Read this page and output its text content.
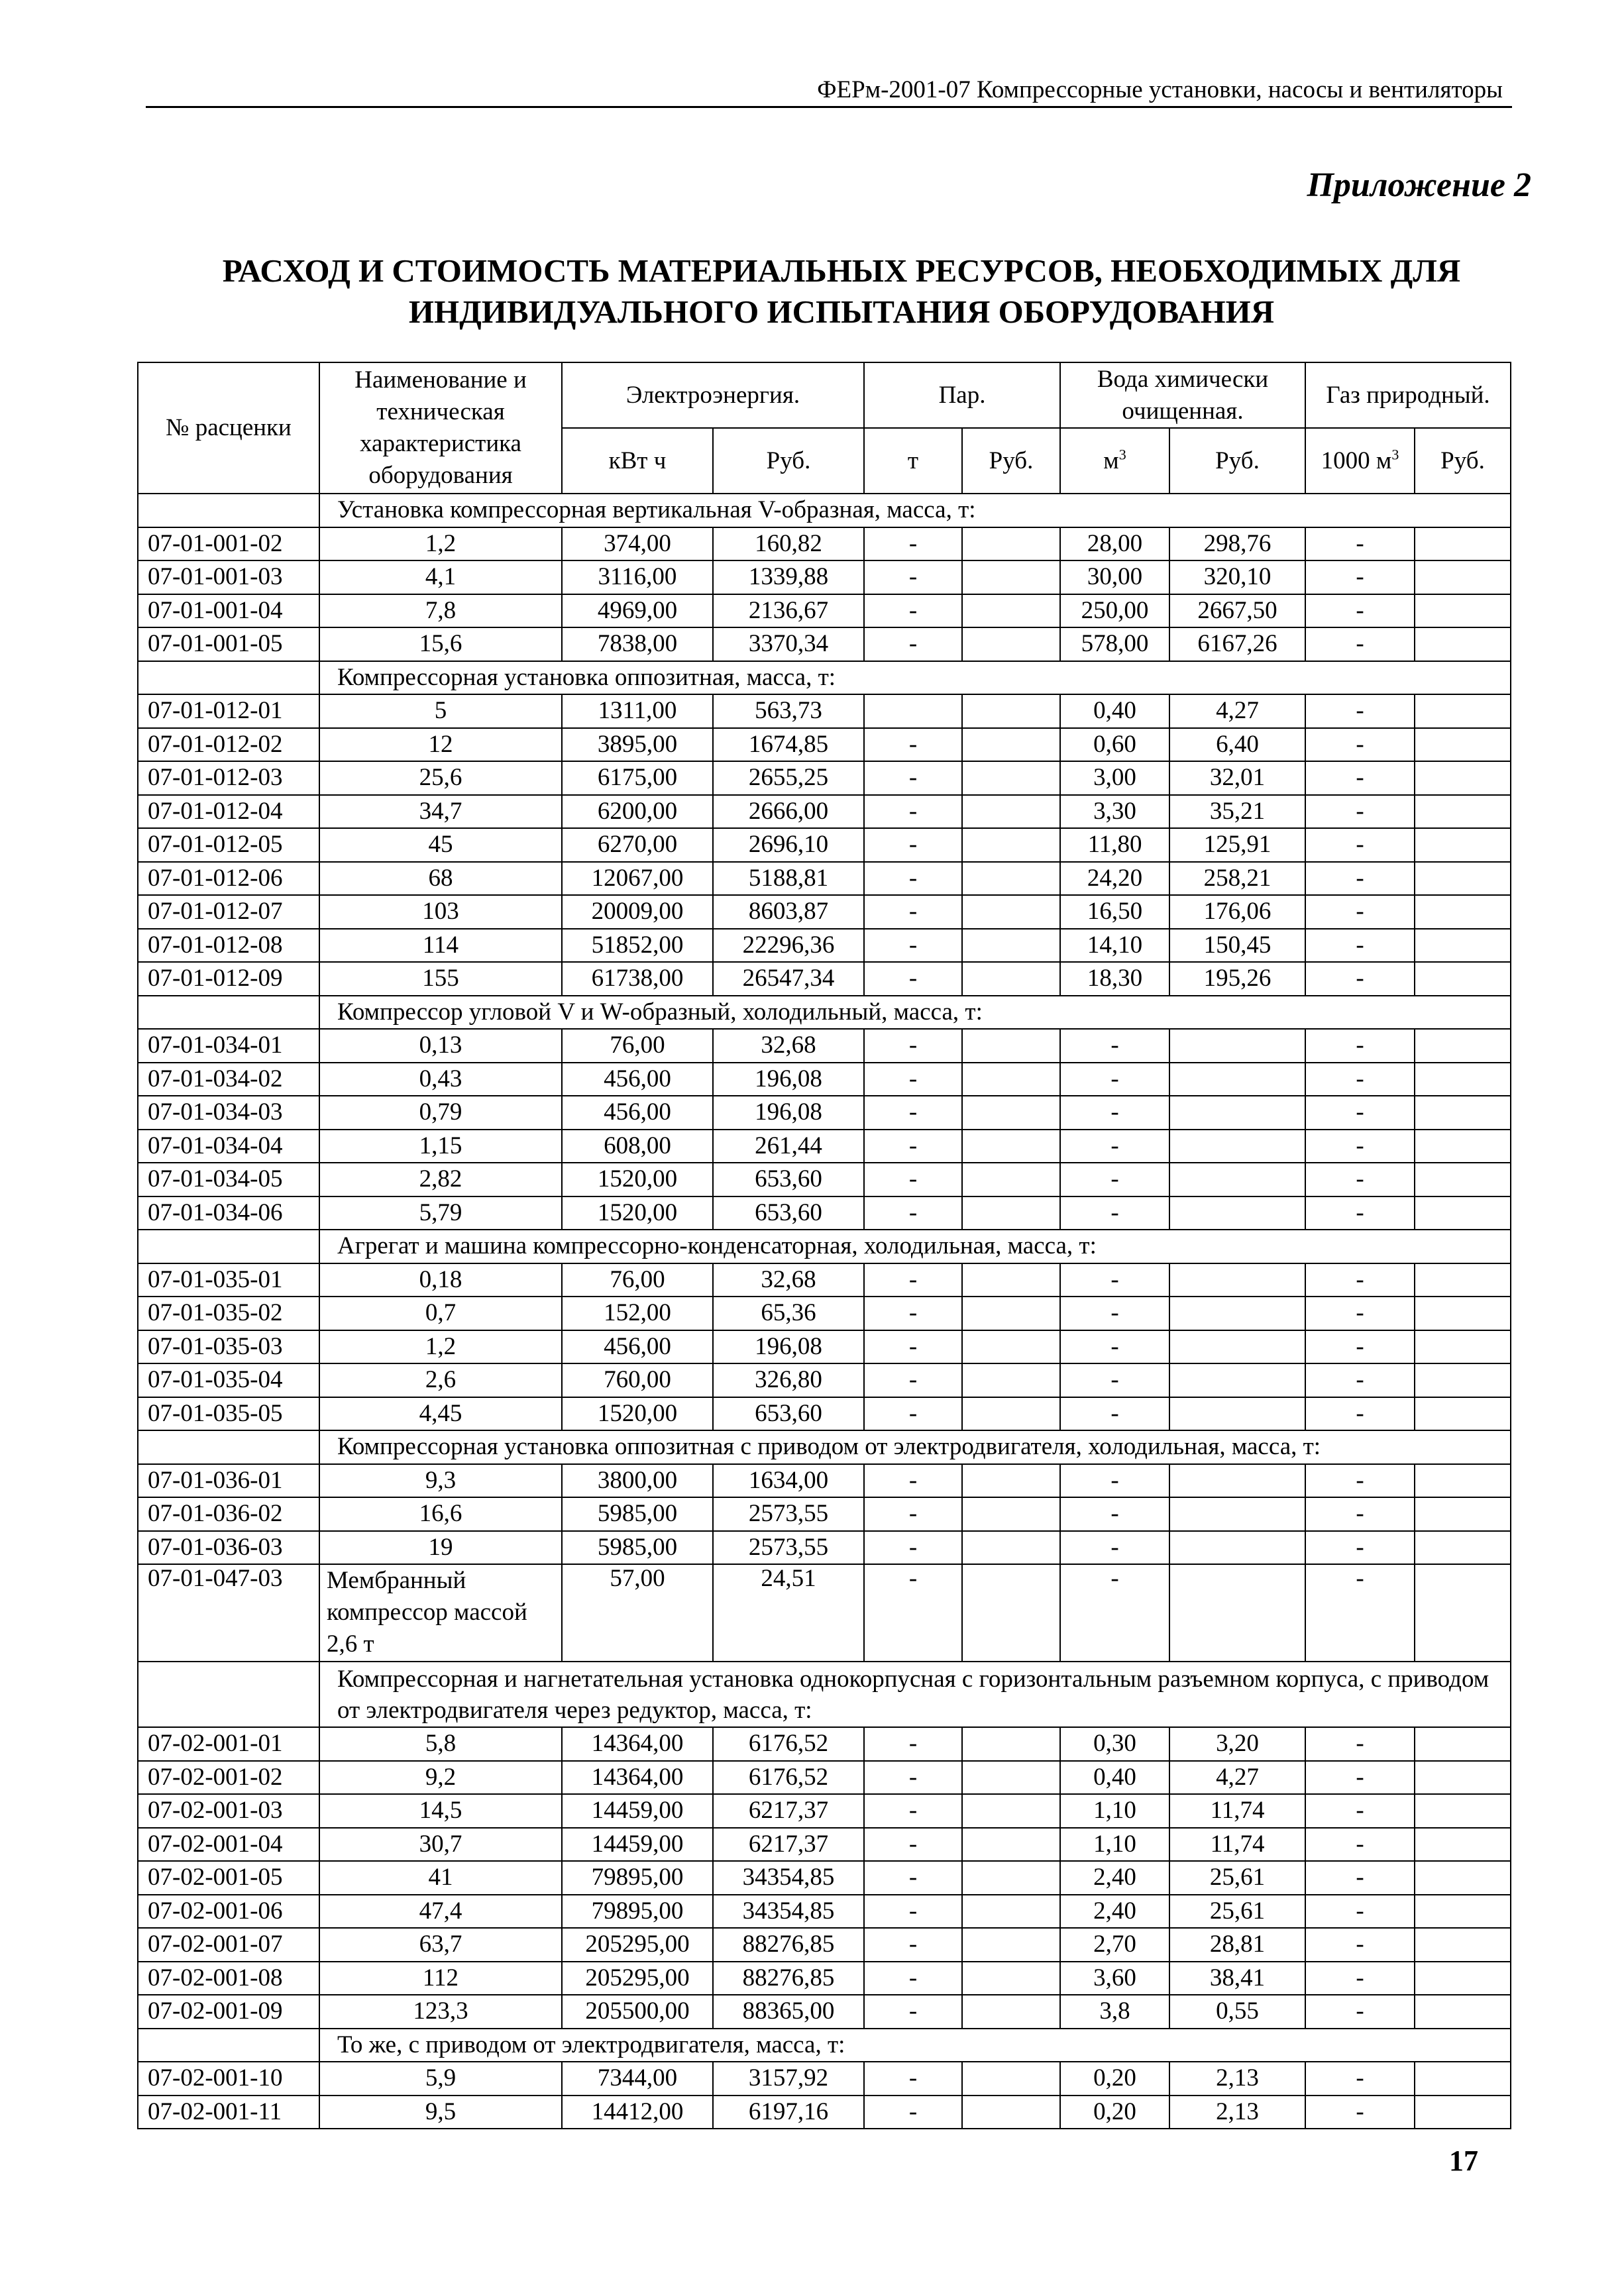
ФЕРм-2001-07 Компрессорные установки, насосы и вентиляторы
Приложение 2
РАСХОД И СТОИМОСТЬ МАТЕРИАЛЬНЫХ РЕСУРСОВ, НЕОБХОДИМЫХ ДЛЯ
ИНДИВИДУАЛЬНОГО ИСПЫТАНИЯ ОБОРУДОВАНИЯ
№ расценки	Наименование и техническая характеристика оборудования	Электроэнергия.		Пар.		Вода химически очищенная.		Газ природный.	
		кВт ч	Руб.	т	Руб.	$м^3$	Руб.	1000 $м^3$	Руб.
	Установка компрессорная вертикальная V-образная, масса, т:								
07-01-001-02	1,2	374,00	160,82	-		28,00	298,76	-	
07-01-001-03	4,1	3116,00	1339,88	-		30,00	320,10	-	
07-01-001-04	7,8	4969,00	2136,67	-		250,00	2667,50	-	
07-01-001-05	15,6	7838,00	3370,34	-		578,00	6167,26	-	
	Компрессорная установка оппозитная, масса, т:								
07-01-012-01	5	1311,00	563,73			0,40	4,27	-	
07-01-012-02	12	3895,00	1674,85	-		0,60	6,40	-	
07-01-012-03	25,6	6175,00	2655,25	-		3,00	32,01	-	
07-01-012-04	34,7	6200,00	2666,00	-		3,30	35,21	-	
07-01-012-05	45	6270,00	2696,10	-		11,80	125,91	-	
07-01-012-06	68	12067,00	5188,81	-		24,20	258,21	-	
07-01-012-07	103	20009,00	8603,87	-		16,50	176,06	-	
07-01-012-08	114	51852,00	22296,36	-		14,10	150,45	-	
07-01-012-09	155	61738,00	26547,34	-		18,30	195,26	-	
	Компрессор угловой V и W-образный, холодильный, масса, т:								
07-01-034-01	0,13	76,00	32,68	-		-		-	
07-01-034-02	0,43	456,00	196,08	-		-		-	
07-01-034-03	0,79	456,00	196,08	-		-		-	
07-01-034-04	1,15	608,00	261,44	-		-		-	
07-01-034-05	2,82	1520,00	653,60	-		-		-	
07-01-034-06	5,79	1520,00	653,60	-		-		-	
	Агрегат и машина компрессорно-конденсаторная, холодильная, масса, т:								
07-01-035-01	0,18	76,00	32,68	-		-		-	
07-01-035-02	0,7	152,00	65,36	-		-		-	
07-01-035-03	1,2	456,00	196,08	-		-		-	
07-01-035-04	2,6	760,00	326,80	-		-		-	
07-01-035-05	4,45	1520,00	653,60	-		-		-	
	Компрессорная установка оппозитная с приводом от электродвигателя, холодильная, масса, т:								
07-01-036-01	9,3	3800,00	1634,00	-		-		-	
07-01-036-02	16,6	5985,00	2573,55	-		-		-	
07-01-036-03	19	5985,00	2573,55	-		-		-	
07-01-047-03	Мембранный компрессор массой 2,6 т	57,00	24,51	-		-		-	
	Компрессорная и нагнетательная установка однокорпусная с горизонтальным разъемном корпуса, с приводом от электродвигателя через редуктор, масса, т:								
07-02-001-01	5,8	14364,00	6176,52	-		0,30	3,20	-	
07-02-001-02	9,2	14364,00	6176,52	-		0,40	4,27	-	
07-02-001-03	14,5	14459,00	6217,37	-		1,10	11,74	-	
07-02-001-04	30,7	14459,00	6217,37	-		1,10	11,74	-	
07-02-001-05	41	79895,00	34354,85	-		2,40	25,61	-	
07-02-001-06	47,4	79895,00	34354,85	-		2,40	25,61	-	
07-02-001-07	63,7	205295,00	88276,85	-		2,70	28,81	-	
07-02-001-08	112	205295,00	88276,85	-		3,60	38,41	-	
07-02-001-09	123,3	205500,00	88365,00	-		3,8	0,55	-	
	То же, с приводом от электродвигателя, масса, т:								
07-02-001-10	5,9	7344,00	3157,92	-		0,20	2,13	-	
07-02-001-11	9,5	14412,00	6197,16	-		0,20	2,13	-	
17
